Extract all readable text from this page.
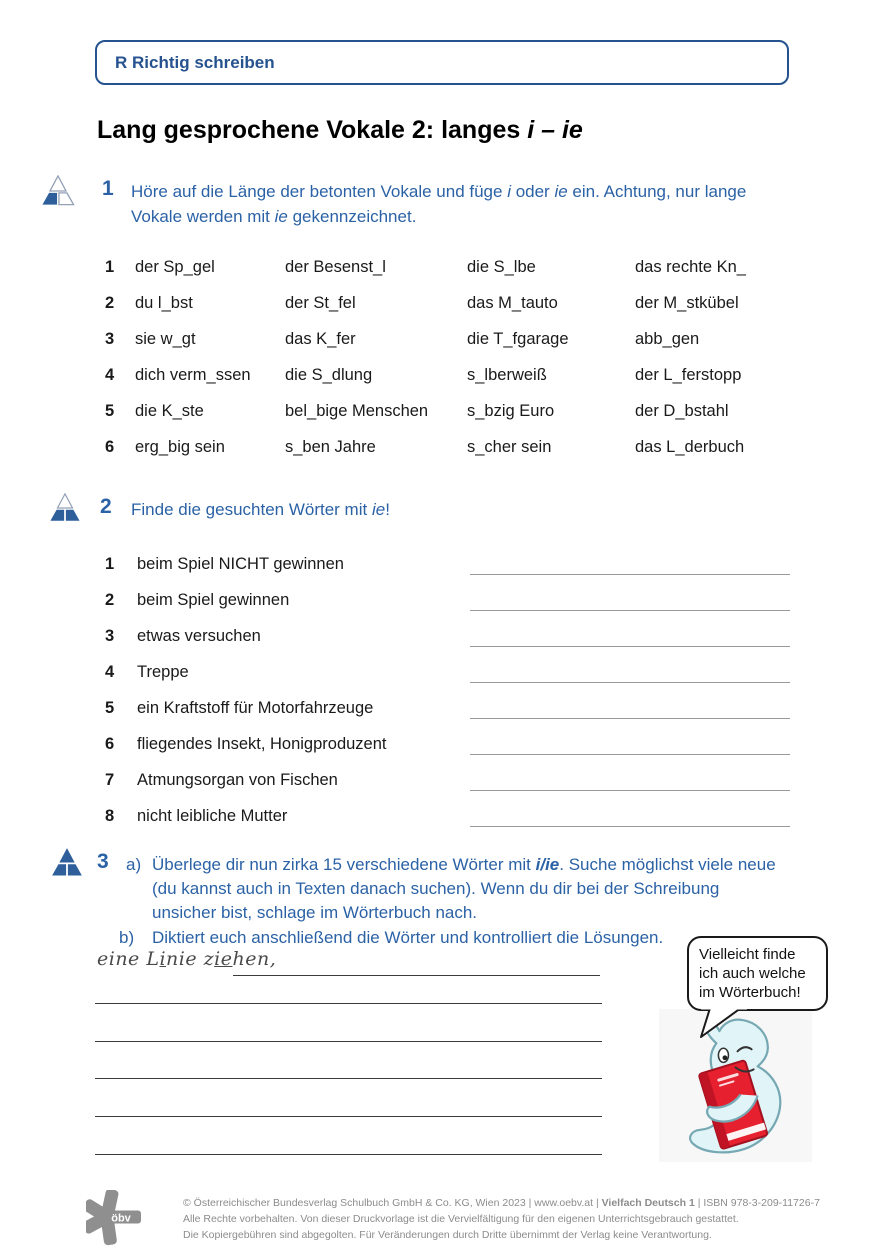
R Richtig schreiben
Lang gesprochene Vokale 2: langes i – ie
1 Höre auf die Länge der betonten Vokale und füge i oder ie ein. Achtung, nur lange Vokale werden mit ie gekennzeichnet.
1	der Sp_gel	der Besenst_l	die S_lbe	das rechte Kn_
2	du l_bst	der St_fel	das M_tauto	der M_stkübel
3	sie w_gt	das K_fer	die T_fgarage	abb_gen
4	dich verm_ssen	die S_dlung	s_lberweiß	der L_ferstopp
5	die K_ste	bel_bige Menschen	s_bzig Euro	der D_bstahl
6	erg_big sein	s_ben Jahre	s_cher sein	das L_derbuch
2 Finde die gesuchten Wörter mit ie!
1	beim Spiel NICHT gewinnen
2	beim Spiel gewinnen
3	etwas versuchen
4	Treppe
5	ein Kraftstoff für Motorfahrzeuge
6	fliegendes Insekt, Honigproduzent
7	Atmungsorgan von Fischen
8	nicht leibliche Mutter
3 a) Überlege dir nun zirka 15 verschiedene Wörter mit i/ie. Suche möglichst viele neue (du kannst auch in Texten danach suchen). Wenn du dir bei der Schreibung unsicher bist, schlage im Wörterbuch nach.
b)	Diktiert euch anschließend die Wörter und kontrolliert die Lösungen.
eine Linie ziehen,	Vielleicht finde ich auch welche im Wörterbuch!
öbv
© Österreichischer Bundesverlag Schulbuch GmbH & Co. KG, Wien 2023 | www.oebv.at | Vielfach Deutsch 1 | ISBN 978-3-209-11726-7
Alle Rechte vorbehalten. Von dieser Druckvorlage ist die Vervielfältigung für den eigenen Unterrichtsgebrauch gestattet.
Die Kopiergebühren sind abgegolten. Für Veränderungen durch Dritte übernimmt der Verlag keine Verantwortung.
